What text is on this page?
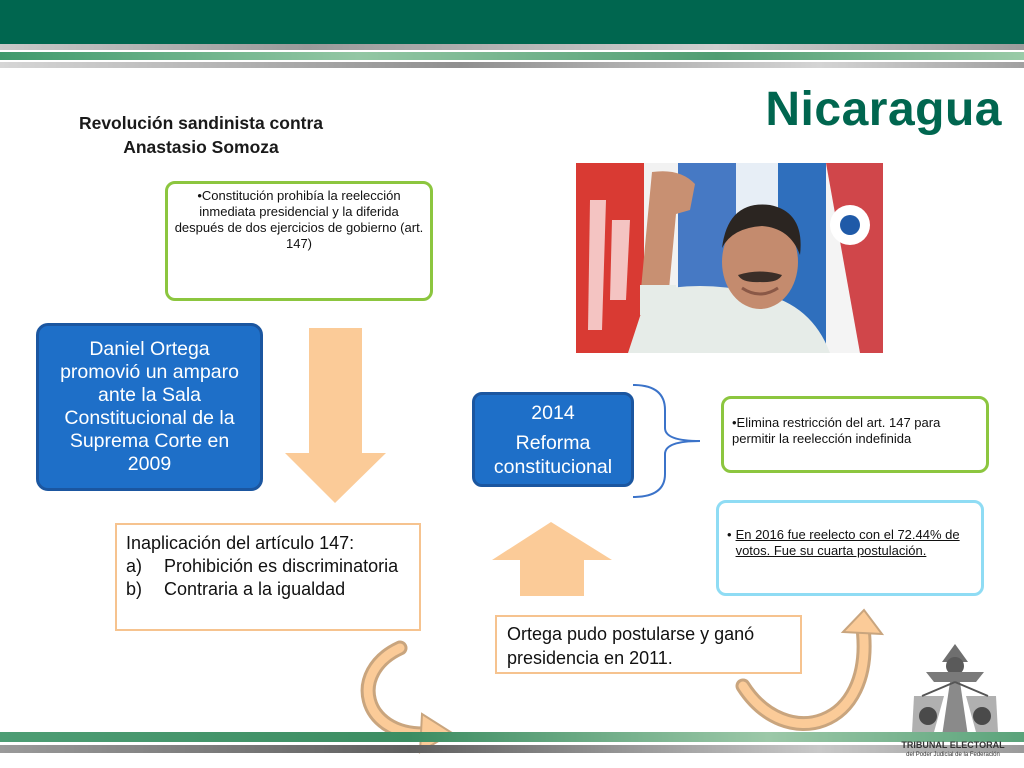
Nicaragua
Revolución sandinista contra
Anastasio Somoza
•Constitución prohibía la reelección inmediata presidencial y la diferida después de dos ejercicios de gobierno (art. 147)
Daniel Ortega promovió un amparo ante la Sala Constitucional de la Suprema Corte en 2009
Inaplicación del artículo 147:
a)	Prohibición es discriminatoria
b)	Contraria a la igualdad
2014
Reforma constitucional
•Elimina restricción del art. 147 para permitir la reelección indefinida
• En 2016 fue reelecto con el 72.44% de votos. Fue su cuarta postulación.
Ortega pudo postularse y ganó presidencia en 2011.
TRIBUNAL ELECTORAL
del Poder Judicial de la Federación
